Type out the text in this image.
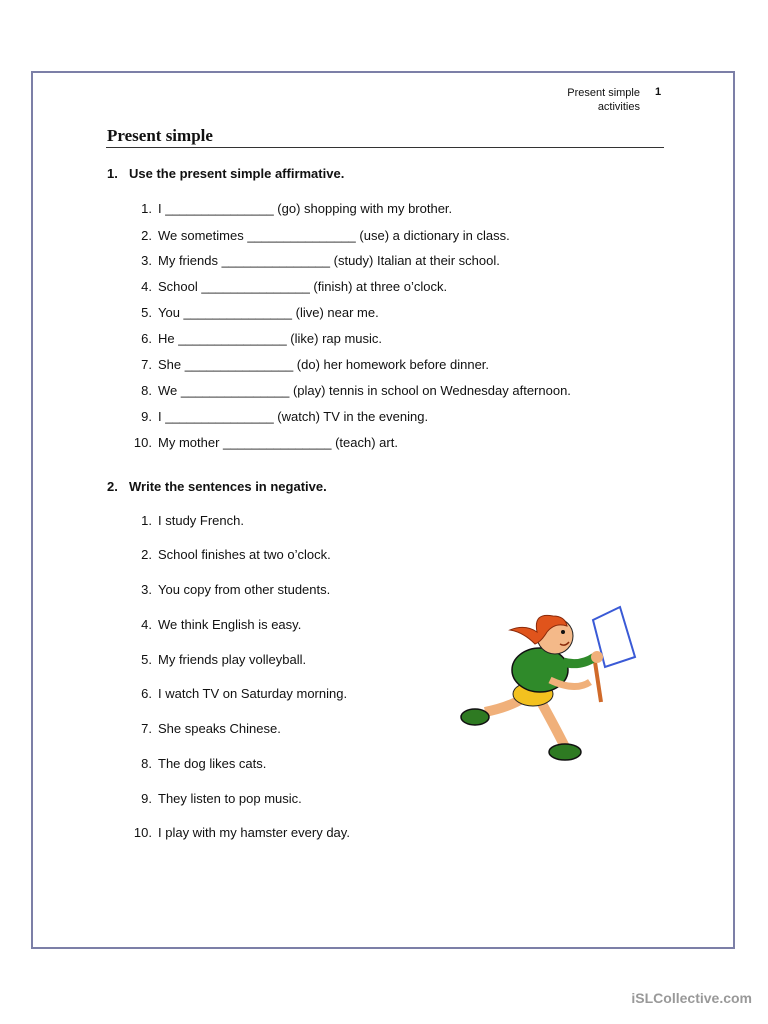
Present simple
activities
1
Present simple
1. Use the present simple affirmative.
1. I _______________ (go) shopping with my brother.
2. We sometimes _______________ (use) a dictionary in class.
3. My friends _______________ (study) Italian at their school.
4. School _______________ (finish) at three o’clock.
5. You _______________ (live) near me.
6. He _______________ (like) rap music.
7. She _______________ (do) her homework before dinner.
8. We _______________ (play) tennis in school on Wednesday afternoon.
9. I _______________ (watch) TV in the evening.
10. My mother _______________ (teach) art.
2. Write the sentences in negative.
1. I study French.
2. School finishes at two o’clock.
3. You copy from other students.
4. We think English is easy.
5. My friends play volleyball.
6. I watch TV on Saturday morning.
7. She speaks Chinese.
8. The dog likes cats.
9. They listen to pop music.
10. I play with my hamster every day.
iSLCollective.com
